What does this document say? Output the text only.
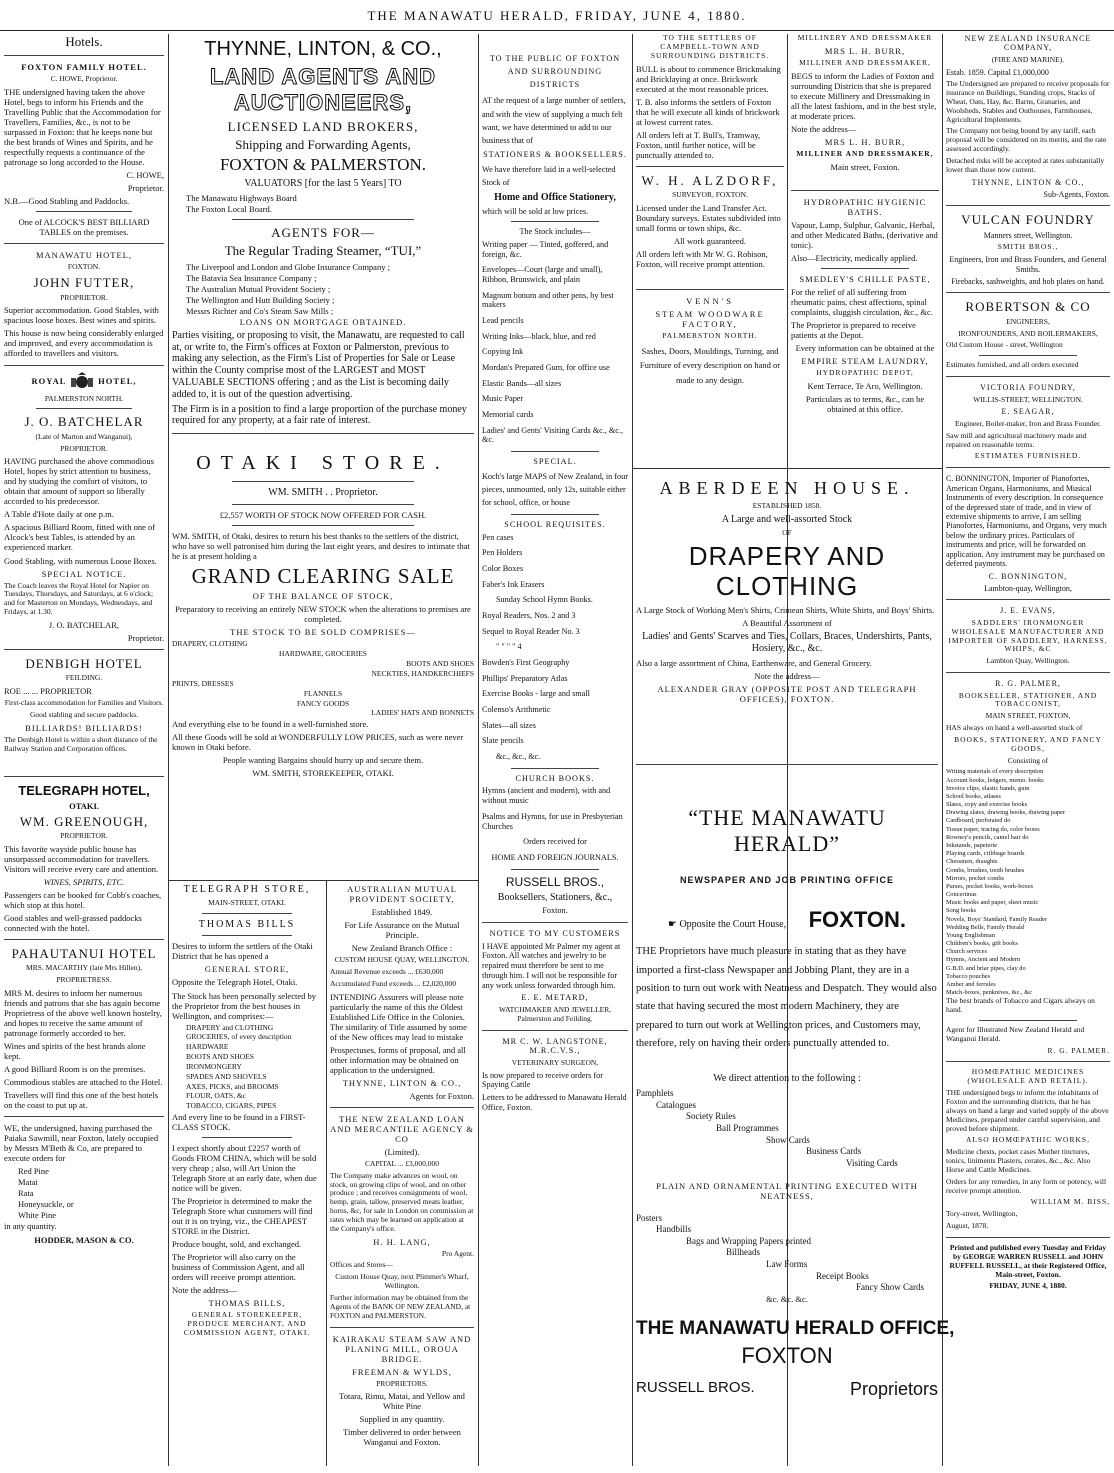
THE MANAWATU HERALD, FRIDAY, JUNE 4, 1880.

Hotels.

FOXTON FAMILY HOTEL.

C. HOWE, Proprietor.

THE undersigned having taken the above Hotel, begs to inform his Friends and the Travelling Public that the Accommodation for Travellers, Families, &c., is not to be surpassed in Foxton: that he keeps none but the best brands of Wines and Spirits, and he respectfully requests a continuance of the patronage so long accorded to the House.

C. HOWE,

Proprietor.

N.B.—Good Stabling and Paddocks.

One of ALCOCK'S BEST BILLIARD TABLES on the premises.

MANAWATU HOTEL,

FOXTON.

JOHN FUTTER,

PROPRIETOR.

Superior accommodation. Good Stables, with spacious loose boxes. Best wines and spirits.

This house is now being considerably enlarged and improved, and every accommodation is afforded to travellers and visitors.

ROYAL	HOTEL,

PALMERSTON NORTH.

J. O. BATCHELAR

(Late of Marton and Wanganui),

PROPRIETOR.

HAVING purchased the above commodious Hotel, hopes by strict attention to business, and by studying the comfort of visitors, to obtain that amount of support so liberally accorded to his predecessor.

A Table d'Hote daily at one p.m.

A spacious Billiard Room, fitted with one of Alcock's best Tables, is attended by an experienced marker.

Good Stabling, with numerous Loose Boxes.

SPECIAL NOTICE.

The Coach leaves the Royal Hotel for Napier on Tuesdays, Thursdays, and Saturdays, at 6 o'clock; and for Masterton on Mondays, Wednesdays, and Fridays, at 1.30.

J. O. BATCHELAR,

Proprietor.

DENBIGH HOTEL

FEILDING.

ROE ... ... PROPRIETOR

First-class accommodation for Families and Visitors.

Good stabling and secure paddocks.

BILLIARDS! BILLIARDS!

The Denbigh Hotel is within a short distance of the Railway Station and Corporation offices.

TELEGRAPH HOTEL,

OTAKI.

WM. GREENOUGH,

PROPRIETOR.

This favorite wayside public house has unsurpassed accommodation for travellers. Visitors will receive every care and attention.

WINES, SPIRITS, ETC.

Passengers can be booked for Cobb's coaches, which stop at this hotel.

Good stables and well-grassed paddocks connected with the hotel.

PAHAUTANUI HOTEL

MRS. MACARTHY (late Mrs Hillen),

PROPRIETRESS.

MRS M. desires to inform her numerous friends and patrons that she has again become Proprietress of the above well known hostelry, and hopes to receive the same amount of patronage formerly accorded to her.

Wines and spirits of the best brands alone kept.

A good Billiard Room is on the premises.

Commodious stables are attached to the Hotel.

Travellers will find this one of the best hotels on the coast to put up at.

WE, the undersigned, having purchased the Paiaka Sawmill, near Foxton, lately occupied by Messrs M'Beth & Co, are prepared to execute orders for

Red Pine

Matai

Rata

Honeysuckle, or

White Pine

in any quantity.

HODDER, MASON & CO.

THYNNE, LINTON, & CO.,

LAND AGENTS AND AUCTIONEERS,

LICENSED LAND BROKERS,

Shipping and Forwarding Agents,

FOXTON & PALMERSTON.

VALUATORS [for the last 5 Years] TO

The Manawatu Highways Board

The Foxton Local Board.

AGENTS FOR—

The Regular Trading Steamer, “TUI,”

The Liverpool and London and Globe Insurance Company ;

The Batavia Sea Insurance Company ;

The Australian Mutual Provident Society ;

The Wellington and Hutt Building Society ;

Messrs Richter and Co's Steam Saw Mills ;

LOANS ON MORTGAGE OBTAINED.

Parties visiting, or proposing to visit, the Manawatu, are requested to call at, or write to, the Firm's offices at Foxton or Palmerston, previous to making any selection, as the Firm's List of Properties for Sale or Lease within the County comprise most of the LARGEST and MOST VALUABLE SECTIONS offering ; and as the List is becoming daily added to, it is out of the question advertising.

The Firm is in a position to find a large proportion of the purchase money required for any property, at a fair rate of interest.

OTAKI STORE.

WM. SMITH . . Proprietor.

£2,557 WORTH OF STOCK NOW OFFERED FOR CASH.

WM. SMITH, of Otaki, desires to return his best thanks to the settlers of the district, who have so well patronised him during the last eight years, and desires to intimate that he is at present holding a

GRAND CLEARING SALE

OF THE BALANCE OF STOCK,

Preparatory to receiving an entirely NEW STOCK when the alterations to premises are completed.

THE STOCK TO BE SOLD COMPRISES—

DRAPERY, CLOTHING

HARDWARE, GROCERIES

BOOTS AND SHOES

NECKTIES, HANDKERCHIEFS

PRINTS, DRESSES

FLANNELS

FANCY GOODS

LADIES' HATS AND BONNETS

And everything else to be found in a well-furnished store.

All these Goods will be sold at WONDERFULLY LOW PRICES, such as were never known in Otaki before.

People wanting Bargains should hurry up and secure them.

WM. SMITH, STOREKEEPER, OTAKI.

TELEGRAPH STORE,

MAIN-STREET, OTAKI.

THOMAS BILLS

Desires to inform the settlers of the Otaki District that he has opened a

GENERAL STORE,

Opposite the Telegraph Hotel, Otaki.

The Stock has been personally selected by the Proprietor from the best houses in Wellington, and comprises:—

DRAPERY and CLOTHING

GROCERIES, of every description

HARDWARE

BOOTS AND SHOES

IRONMONGERY

SPADES AND SHOVELS

AXES, PICKS, and BROOMS

FLOUR, OATS, &c

TOBACCO, CIGARS, PIPES

And every line to be found in a FIRST-CLASS STOCK.

I expect shortly about £2257 worth of Goods FROM CHINA, which will be sold very cheap ; also, will Art Union the Telegraph Store at an early date, when due notice will be given.

The Proprietor is determined to make the Telegraph Store what customers will find out it is on trying, viz., the CHEAPEST STORE in the District.

Produce bought, sold, and exchanged.

The Proprietor will also carry on the business of Commission Agent, and all orders will receive prompt attention.

Note the address—

THOMAS BILLS,

GENERAL STOREKEEPER, PRODUCE MERCHANT, AND COMMISSION AGENT, OTAKI.

AUSTRALIAN MUTUAL PROVIDENT SOCIETY,

Established 1849.

For Life Assurance on the Mutual Principle.

New Zealand Branch Office :

CUSTOM HOUSE QUAY, WELLINGTON.

Annual Revenue exceeds ... £630,000

Accumulated Fund exceeds ... £2,020,000

INTENDING Assurers will please note particularly the name of this the Oldest Established Life Office in the Colonies. The similarity of Title assumed by some of the New offices may lead to mistake

Prospectuses, forms of proposal, and all other information may be obtained on application to the undersigned.

THYNNE, LINTON & CO.,

Agents for Foxton.

THE NEW ZEALAND LOAN AND MERCANTILE AGENCY & CO

(Limited).

CAPITAL ... £3,000,000

The Company make advances on wool, on stock, on growing clips of wool, and on other produce ; and receives consignments of wool, hemp, grain, tallow, preserved meats leather, horns, &c, for sale in London on commission at rates which may be learned on application at the Company's office.

H. H. LANG,

Pro Agent.

Offices and Stores—

Custom House Quay, next Plimmer's Wharf, Wellington.

Further information may be obtained from the Agents of the BANK OF NEW ZEALAND, at FOXTON and PALMERSTON.

KAIRAKAU STEAM SAW AND PLANING MILL, OROUA BRIDGE.

FREEMAN & WYLDS,

PROPRIETORS.

Totara, Rimu, Matai, and Yellow and White Pine

Supplied in any quantity.

Timber delivered to order between Wanganui and Foxton.

TO THE PUBLIC OF FOXTON AND SURROUNDING DISTRICTS

AT the request of a large number of settlers, and with the view of supplying a much felt want, we have determined to add to our business that of

STATIONERS & BOOKSELLERS.

We have therefore laid in a well-selected Stock of

Home and Office Stationery,

which will be sold at low prices.

The Stock includes—

Writing paper — Tinted, goffered, and foreign, &c.

Envelopes—Court (large and small), Ribbon, Brunswick, and plain

Magnum bonum and other pens, by best makers

Lead pencils

Writing Inks—black, blue, and red

Copying Ink

Mordan's Prepared Gum, for office use

Elastic Bands—all sizes

Music Paper

Memorial cards

Ladies' and Gents' Visiting Cards &c., &c., &c.

SPECIAL.

Koch's large MAPS of New Zealand, in four pieces, unmounted, only 12s, suitable either for school, office, or house

SCHOOL REQUISITES.

Pen cases

Pen Holders

Color Boxes

Faber's Ink Erasers

Sunday School Hymn Books.

Royal Readers, Nos. 2 and 3

Sequel to Royal Reader No. 3

" " " " 4

Bowden's First Geography

Phillips' Preparatory Atlas

Exercise Books - large and small

Colenso's Arithmetic

Slates—all sizes

Slate pencils

&c., &c., &c.

CHURCH BOOKS.

Hymns (ancient and modern), with and without music

Psalms and Hymns, for use in Presbyterian Churches

Orders received for

HOME AND FOREIGN JOURNALS.

RUSSELL BROS.,

Booksellers, Stationers, &c.,

Foxton.

NOTICE TO MY CUSTOMERS

I HAVE appointed Mr Palmer my agent at Foxton. All watches and jewelry to be repaired must therefore be sent to me through him. I will not be responsible for any work unless forwarded through him.

E. E. METARD,

WATCHMAKER AND JEWELLER, Palmerston and Feilding.

MR C. W. LANGSTONE, M.R.C.V.S.,

VETERINARY SURGEON,

Is now prepared to receive orders for Spaying Cattle

Letters to be addressed to Manawatu Herald Office, Foxton.

TO THE SETTLERS OF CAMPBELL-TOWN AND SURROUNDING DISTRICTS.

BULL is about to commence Brickmaking and Bricklaying at once. Brickwork executed at the most reasonable prices.

T. B. also informs the settlers of Foxton that he will execute all kinds of brickwork at lowest current rates.

All orders left at T. Bull's, Tramway, Foxton, until further notice, will be punctually attended to.

W. H. ALZDORF,

SURVEYOR, FOXTON.

Licensed under the Land Transfer Act. Boundary surveys. Estates subdivided into small forms or town ships, &c.

All work guaranteed.

All orders left with Mr W. G. Robison, Foxton, will receive prompt attention.

VENN'S

STEAM WOODWARE FACTORY,

PALMERSTON NORTH.

Sashes, Doors, Mouldings, Turning, and Furniture of every description on hand or made to any design.

MILLINERY AND DRESSMAKER

MRS L. H. BURR,

MILLINER AND DRESSMAKER,

BEGS to inform the Ladies of Foxton and surrounding Districts that she is prepared to execute Millinery and Dressmaking in all the latest fashions, and in the best style, at moderate prices.

Note the address—

MRS L. H. BURR,

MILLINER AND DRESSMAKER,

Main street, Foxton.

HYDROPATHIC HYGIENIC BATHS.

Vapour, Lamp, Sulphur, Galvanic, Herbal, and other Medicated Baths, (derivative and tonic).

Also—Electricity, medically applied.

SMEDLEY'S CHILLE PASTE,

For the relief of all suffering from rheumatic pains, chest affections, spinal complaints, sluggish circulation, &c., &c.

The Proprietor is prepared to receive patients at the Depot.

Every information can be obtained at the

EMPIRE STEAM LAUNDRY,

HYDROPATHIC DEPOT,

Kent Terrace, Te Aro, Wellington.

Particulars as to terms, &c., can be obtained at this office.

ABERDEEN HOUSE.

ESTABLISHED 1858.

A Large and well-assorted Stock

OF

DRAPERY AND CLOTHING

A Large Stock of Working Men's Shirts, Crimean Shirts, White Shirts, and Boys' Shirts.

A Beautiful Assortment of

Ladies' and Gents' Scarves and Ties, Collars, Braces, Undershirts, Pants, Hosiery, &c., &c.

Also a large assortment of China, Earthenware, and General Grocery.

Note the address—

ALEXANDER GRAY (OPPOSITE POST AND TELEGRAPH OFFICES), FOXTON.

“THE MANAWATU HERALD”

NEWSPAPER AND JOB PRINTING OFFICE

☛ Opposite the Court House, FOXTON.

THE Proprietors have much pleasure in stating that as they have imported a first-class Newspaper and Jobbing Plant, they are in a position to turn out work with Neatness and Despatch. They would also state that having secured the most modern Machinery, they are prepared to turn out work at Wellington prices, and Customers may, therefore, rely on having their orders punctually attended to.

We direct attention to the following :

Pamphlets

Catalogues

Society Rules

Ball Programmes

Show Cards

Business Cards

Visiting Cards

PLAIN AND ORNAMENTAL PRINTING EXECUTED WITH NEATNESS,

Posters

Handbills

Bags and Wrapping Papers printed

Billheads

Law Forms

Receipt Books

Fancy Show Cards

&c. &c. &c.

THE MANAWATU HERALD OFFICE,

FOXTON

RUSSELL BROS.	Proprietors

NEW ZEALAND INSURANCE COMPANY,

(FIRE AND MARINE).

Estab. 1859. Capital £1,000,000

The Undersigned are prepared to receive proposals for insurance on Buildings, Standing crops, Stacks of Wheat, Oats, Hay, &c. Barns, Granaries, and Woolsheds, Stables and Outhouses, Farmhouses, Agricultural Implements.

The Company not being bound by any tariff, each proposal will be considered on its merits, and the rate assessed accordingly.

Detached risks will be accepted at rates substantially lower than those now current.

THYNNE, LINTON & CO.,

Sub-Agents, Foxton.

VULCAN FOUNDRY

Manners street, Wellington.

SMITH BROS.,

Engineers, Iron and Brass Founders, and General Smiths.

Firebacks, sashweights, and hob plates on hand.

ROBERTSON & CO

ENGINEERS,

IRONFOUNDERS, AND BOILERMAKERS,

Old Custom House - street, Wellington

Estimates furnished, and all orders executed

VICTORIA FOUNDRY,

WILLIS-STREET, WELLINGTON.

E. SEAGAR,

Engineer, Boiler-maker, Iron and Brass Founder.

Saw mill and agricultural machinery made and repaired on reasonable terms.

ESTIMATES FURNISHED.

C. BONNINGTON, Importer of Pianofortes, American Organs, Harmoniums, and Musical Instruments of every description. In consequence of the depressed state of trade, and in view of extensive shipments to arrive, I am selling Pianofortes, Harmoniums, and Organs, very much below the ordinary prices. Particulars of instruments and price, will be forwarded on application. Any instrument may be purchased on deferred payments.

C. BONNINGTON,

Lambton-quay, Wellington,

J. E. EVANS,

SADDLERS' IRONMONGER WHOLESALE MANUFACTURER AND IMPORTER OF SADDLERY, HARNESS, WHIPS, &C

Lambton Quay, Wellington.

R. G. PALMER,

BOOKSELLER, STATIONER, AND TOBACCONIST,

MAIN STREET, FOXTON,

HAS always on hand a well-assorted stock of

BOOKS, STATIONERY, AND FANCY GOODS,

Consisting of

Writing materials of every description

Account books, ledgers, memo. books

Invoice clips, elastic bands, gum

School books, atlases

Slates, copy and exercise books

Drawing slates, drawing books, drawing paper

Cardboard, perforated do

Tissue paper, tracing do, color boxes

Rowney's pencils, camel hair do

Inkstands, papeterie

Playing cards, cribbage boards

Chessmen, draughts

Combs, brushes, tooth brushes

Mirrors, pocket combs

Purses, pocket books, work-boxes

Concertinas

Music books and paper, sheet music

Song books

Novels, Boys' Standard, Family Reader

Wedding Bells, Family Herald

Young Englishman

Children's books, gift books

Church services

Hymns, Ancient and Modern

G.B.D. and briar pipes, clay do

Tobacco pouches

Amber and ferrules

Match-boxes, penknives, &c., &c

The best brands of Tobacco and Cigars always on hand.

Agent for Illustrated New Zealand Herald and Wanganui Herald.

R. G. PALMER.

HOMŒPATHIC MEDICINES (WHOLESALE AND RETAIL).

THE undersigned begs to inform the inhabitants of Foxton and the surrounding districts, that he has always on hand a large and varied supply of the above Medicines, prepared under careful supervision, and proved before shipment.

ALSO HOMŒPATHIC WORKS,

Medicine chests, pocket cases Mother tinctures, tonics, liniments Plasters, cerates, &c., &c. Also Horse and Cattle Medicines.

Orders for any remedies, in any form or potency, will receive prompt attention.

WILLIAM M. BISS,

Tory-street, Wellington,

August, 1878.

Printed and published every Tuesday and Friday by GEORGE WARREN RUSSELL and JOHN RUFFELL RUSSELL, at their Registered Office, Main-street, Foxton.

FRIDAY, JUNE 4, 1880.
